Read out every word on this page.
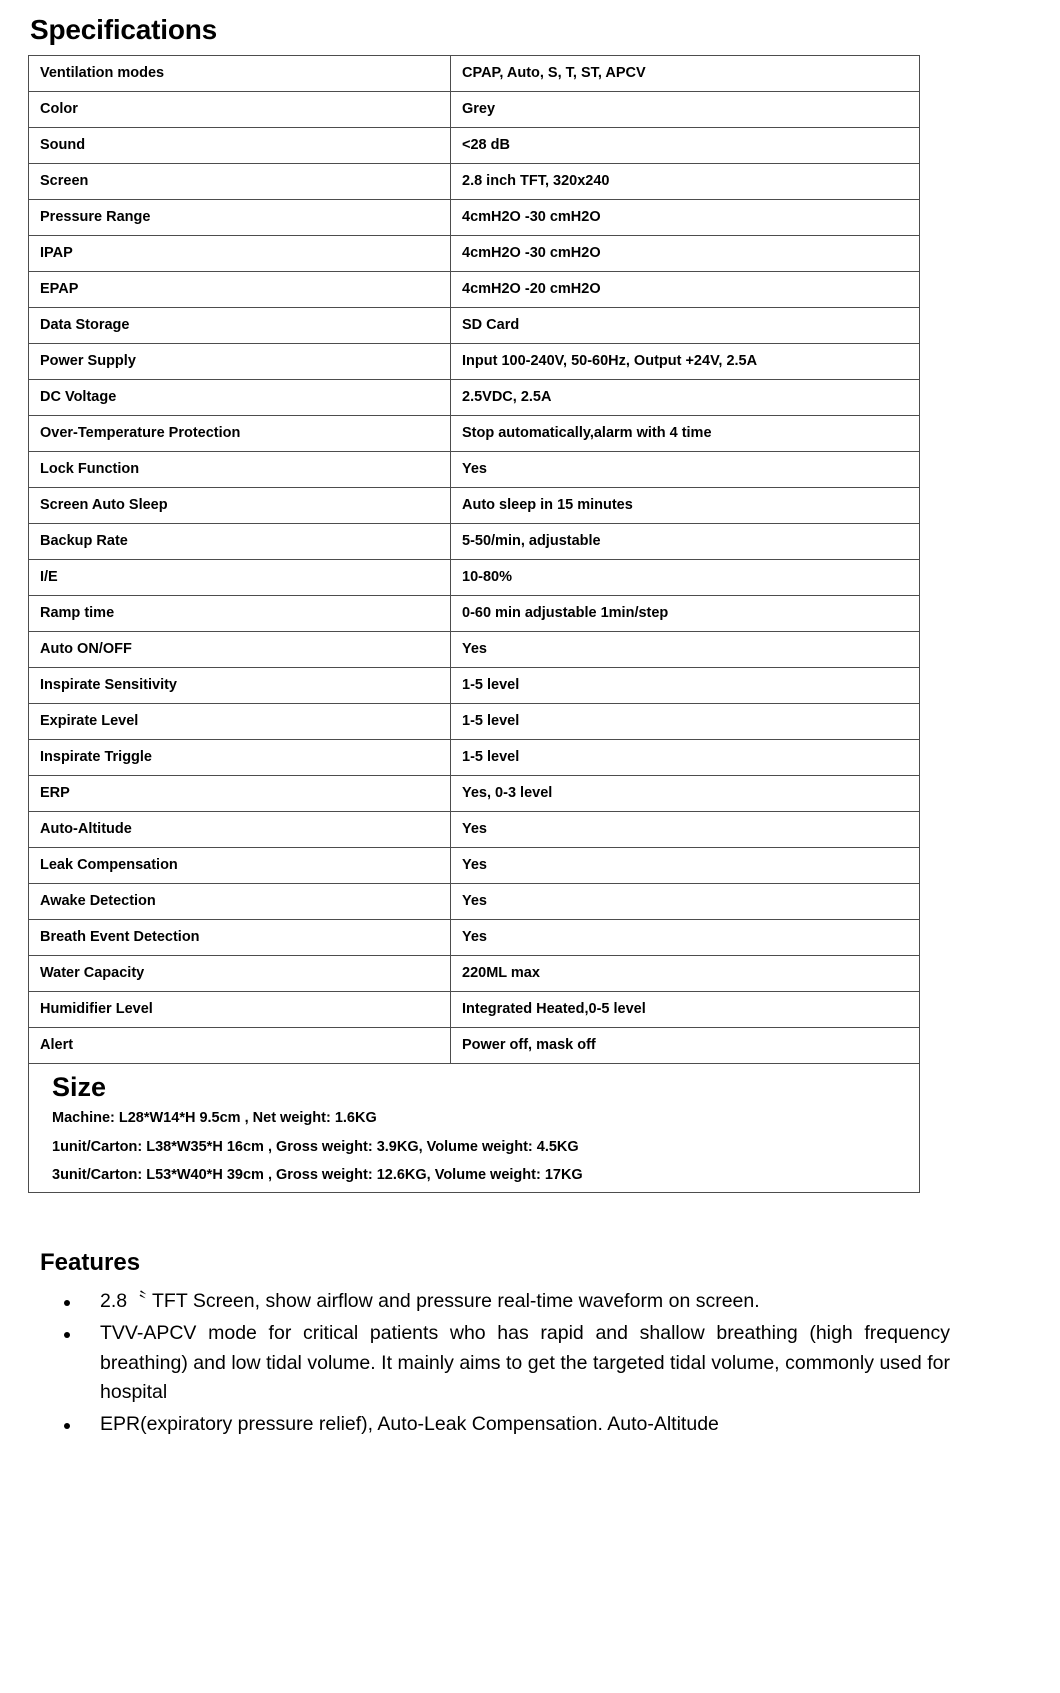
Specifications
Ventilation modes	CPAP, Auto, S, T, ST, APCV
Color	Grey
Sound	<28 dB
Screen	2.8 inch TFT, 320x240
Pressure Range	4cmH2O -30 cmH2O
IPAP	4cmH2O -30 cmH2O
EPAP	4cmH2O -20 cmH2O
Data Storage	SD Card
Power Supply	Input 100-240V, 50-60Hz, Output +24V, 2.5A
DC Voltage	2.5VDC, 2.5A
Over-Temperature Protection	Stop automatically,alarm with 4 time
Lock Function	Yes
Screen Auto Sleep	Auto sleep in 15 minutes
Backup Rate	5-50/min, adjustable
I/E	10-80%
Ramp time	0-60 min adjustable 1min/step
Auto ON/OFF	Yes
Inspirate Sensitivity	1-5 level
Expirate Level	1-5 level
Inspirate Triggle	1-5 level
ERP	Yes, 0-3 level
Auto-Altitude	Yes
Leak Compensation	Yes
Awake Detection	Yes
Breath Event Detection	Yes
Water Capacity	220ML max
Humidifier Level	Integrated Heated,0-5 level
Alert	Power off, mask off

Size
Machine: L28*W14*H 9.5cm , Net weight: 1.6KG
1unit/Carton: L38*W35*H 16cm , Gross weight: 3.9KG, Volume weight: 4.5KG
3unit/Carton: L53*W40*H 39cm , Gross weight: 12.6KG, Volume weight: 17KG	
Features
2.8〝 TFT Screen, show airflow and pressure real-time waveform on screen.
TVV-APCV mode for critical patients who has rapid and shallow breathing (high frequency breathing) and low tidal volume. It mainly aims to get the targeted tidal volume, commonly used for hospital
EPR(expiratory pressure relief), Auto-Leak Compensation. Auto-Altitude
